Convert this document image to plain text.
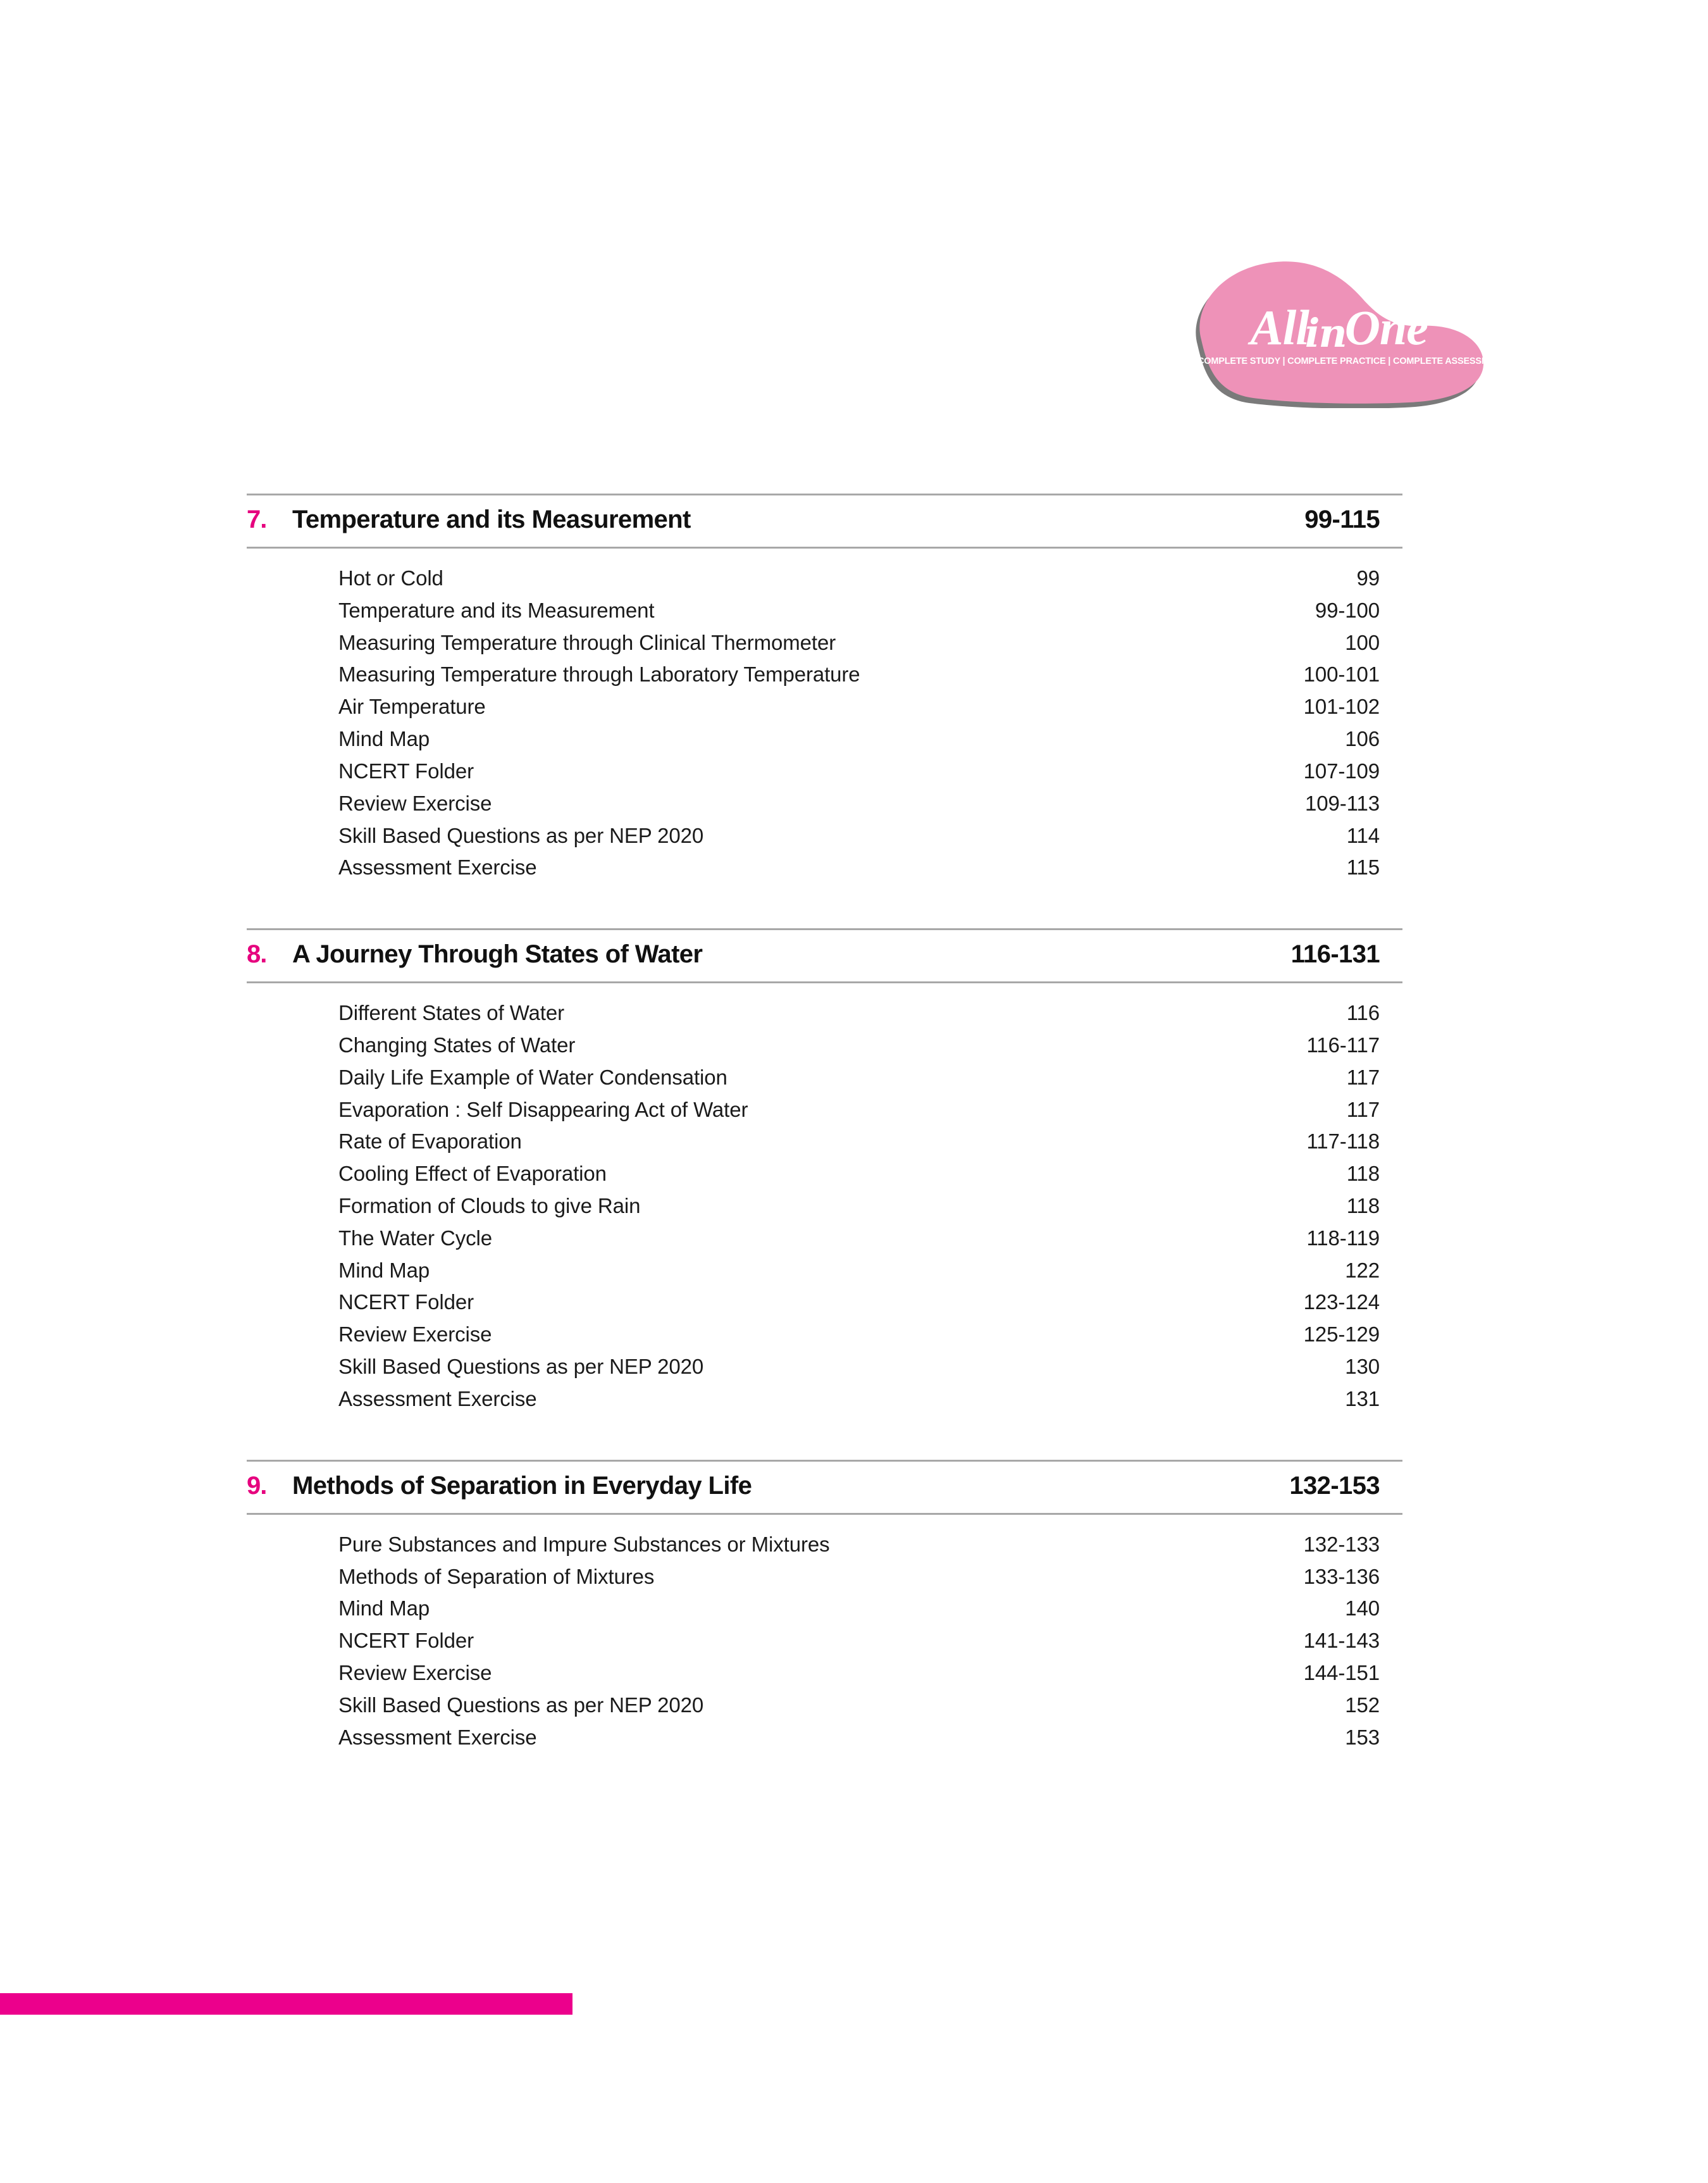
AllinOne®
COMPLETE STUDY | COMPLETE PRACTICE | COMPLETE ASSESSMENT
7.	Temperature and its Measurement	99-115
Hot or Cold	99
Temperature and its Measurement	99-100
Measuring Temperature through Clinical Thermometer	100
Measuring Temperature through Laboratory Temperature	100-101
Air Temperature	101-102
Mind Map	106
NCERT Folder	107-109
Review Exercise	109-113
Skill Based Questions as per NEP 2020	114
Assessment Exercise	115
8.	A Journey Through States of Water	116-131
Different States of Water	116
Changing States of Water	116-117
Daily Life Example of Water Condensation	117
Evaporation : Self Disappearing Act of Water	117
Rate of Evaporation	117-118
Cooling Effect of Evaporation	118
Formation of Clouds to give Rain	118
The Water Cycle	118-119
Mind Map	122
NCERT Folder	123-124
Review Exercise	125-129
Skill Based Questions as per NEP 2020	130
Assessment Exercise	131
9.	Methods of Separation in Everyday Life	132-153
Pure Substances and Impure Substances or Mixtures	132-133
Methods of Separation of Mixtures	133-136
Mind Map	140
NCERT Folder	141-143
Review Exercise	144-151
Skill Based Questions as per NEP 2020	152
Assessment Exercise	153
